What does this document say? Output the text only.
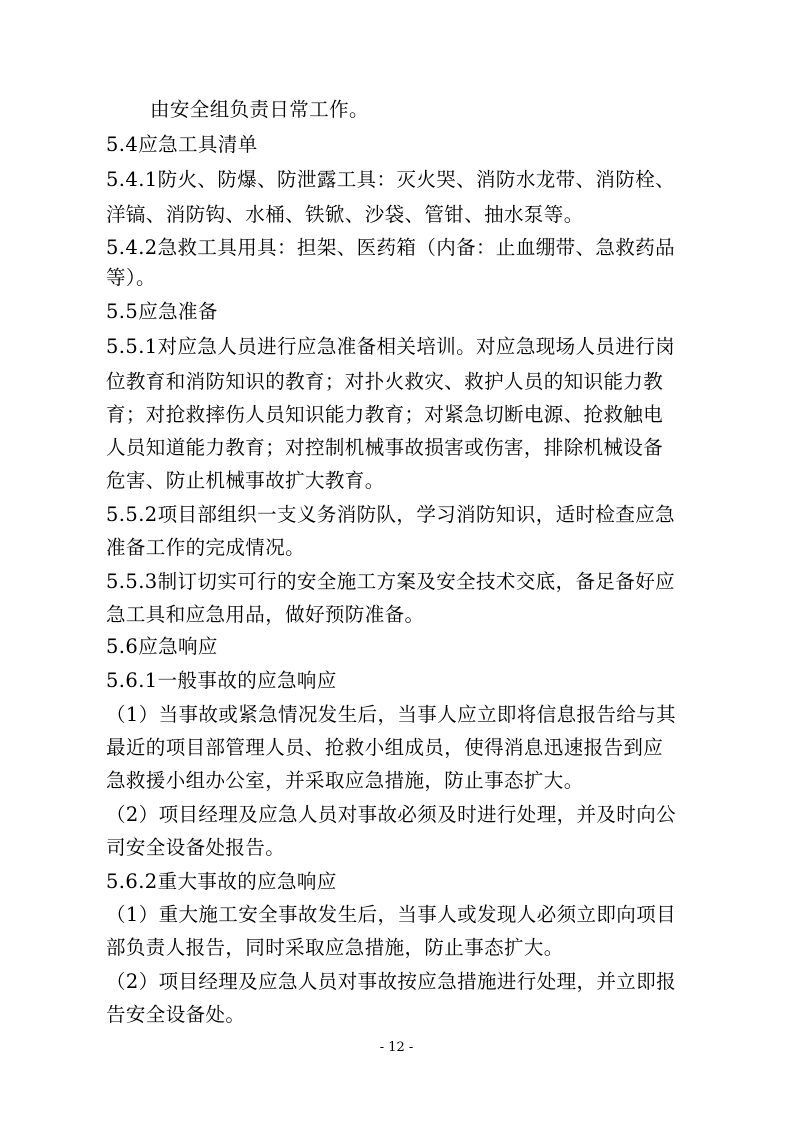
由安全组负责日常工作。
5.4应急工具清单
5.4.1防火、防爆、防泄露工具：灭火哭、消防水龙带、消防栓、
洋镐、消防钩、水桶、铁锨、沙袋、管钳、抽水泵等。
5.4.2急救工具用具：担架、医药箱（内备：止血绷带、急救药品
等）。
5.5应急准备
5.5.1对应急人员进行应急准备相关培训。对应急现场人员进行岗
位教育和消防知识的教育；对扑火救灾、救护人员的知识能力教
育；对抢救摔伤人员知识能力教育；对紧急切断电源、抢救触电
人员知道能力教育；对控制机械事故损害或伤害，排除机械设备
危害、防止机械事故扩大教育。
5.5.2项目部组织一支义务消防队，学习消防知识，适时检查应急
准备工作的完成情况。
5.5.3制订切实可行的安全施工方案及安全技术交底，备足备好应
急工具和应急用品，做好预防准备。
5.6应急响应
5.6.1一般事故的应急响应
（1）当事故或紧急情况发生后，当事人应立即将信息报告给与其
最近的项目部管理人员、抢救小组成员，使得消息迅速报告到应
急救援小组办公室，并采取应急措施，防止事态扩大。
（2）项目经理及应急人员对事故必须及时进行处理，并及时向公
司安全设备处报告。
5.6.2重大事故的应急响应
（1）重大施工安全事故发生后，当事人或发现人必须立即向项目
部负责人报告，同时采取应急措施，防止事态扩大。
（2）项目经理及应急人员对事故按应急措施进行处理，并立即报
告安全设备处。
- 12 -
